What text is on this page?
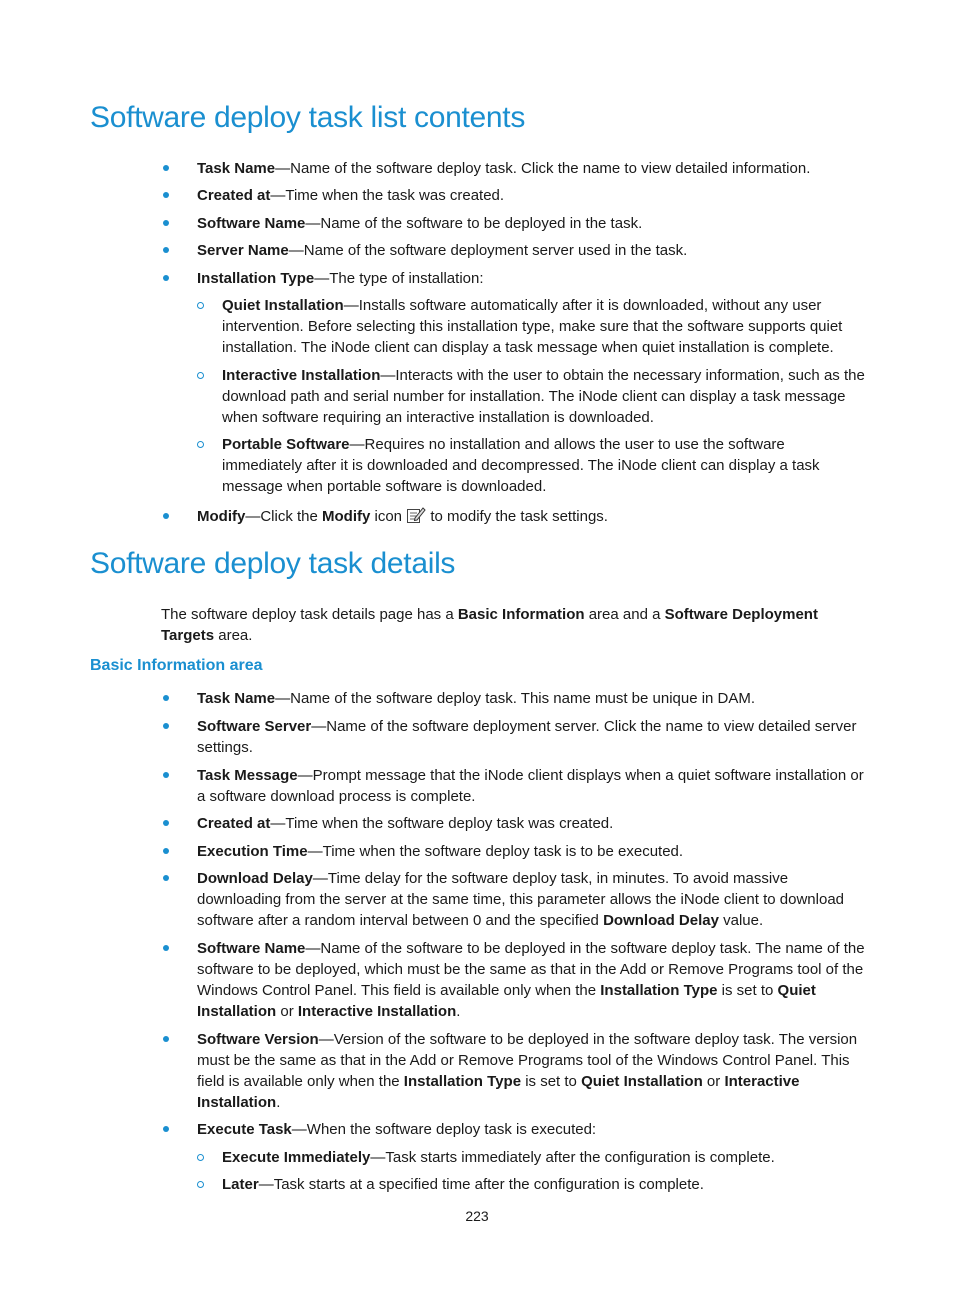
Software deploy task list contents
Task Name—Name of the software deploy task. Click the name to view detailed information.
Created at—Time when the task was created.
Software Name—Name of the software to be deployed in the task.
Server Name—Name of the software deployment server used in the task.
Installation Type—The type of installation:
Quiet Installation—Installs software automatically after it is downloaded, without any user intervention. Before selecting this installation type, make sure that the software supports quiet installation. The iNode client can display a task message when quiet installation is complete.
Interactive Installation—Interacts with the user to obtain the necessary information, such as the download path and serial number for installation. The iNode client can display a task message when software requiring an interactive installation is downloaded.
Portable Software—Requires no installation and allows the user to use the software immediately after it is downloaded and decompressed. The iNode client can display a task message when portable software is downloaded.
Modify—Click the Modify icon  to modify the task settings.
Software deploy task details
The software deploy task details page has a Basic Information area and a Software Deployment Targets area.
Basic Information area
Task Name—Name of the software deploy task. This name must be unique in DAM.
Software Server—Name of the software deployment server. Click the name to view detailed server settings.
Task Message—Prompt message that the iNode client displays when a quiet software installation or a software download process is complete.
Created at—Time when the software deploy task was created.
Execution Time—Time when the software deploy task is to be executed.
Download Delay—Time delay for the software deploy task, in minutes. To avoid massive downloading from the server at the same time, this parameter allows the iNode client to download software after a random interval between 0 and the specified Download Delay value.
Software Name—Name of the software to be deployed in the software deploy task. The name of the software to be deployed, which must be the same as that in the Add or Remove Programs tool of the Windows Control Panel. This field is available only when the Installation Type is set to Quiet Installation or Interactive Installation.
Software Version—Version of the software to be deployed in the software deploy task. The version must be the same as that in the Add or Remove Programs tool of the Windows Control Panel. This field is available only when the Installation Type is set to Quiet Installation or Interactive Installation.
Execute Task—When the software deploy task is executed:
Execute Immediately—Task starts immediately after the configuration is complete.
Later—Task starts at a specified time after the configuration is complete.
223
